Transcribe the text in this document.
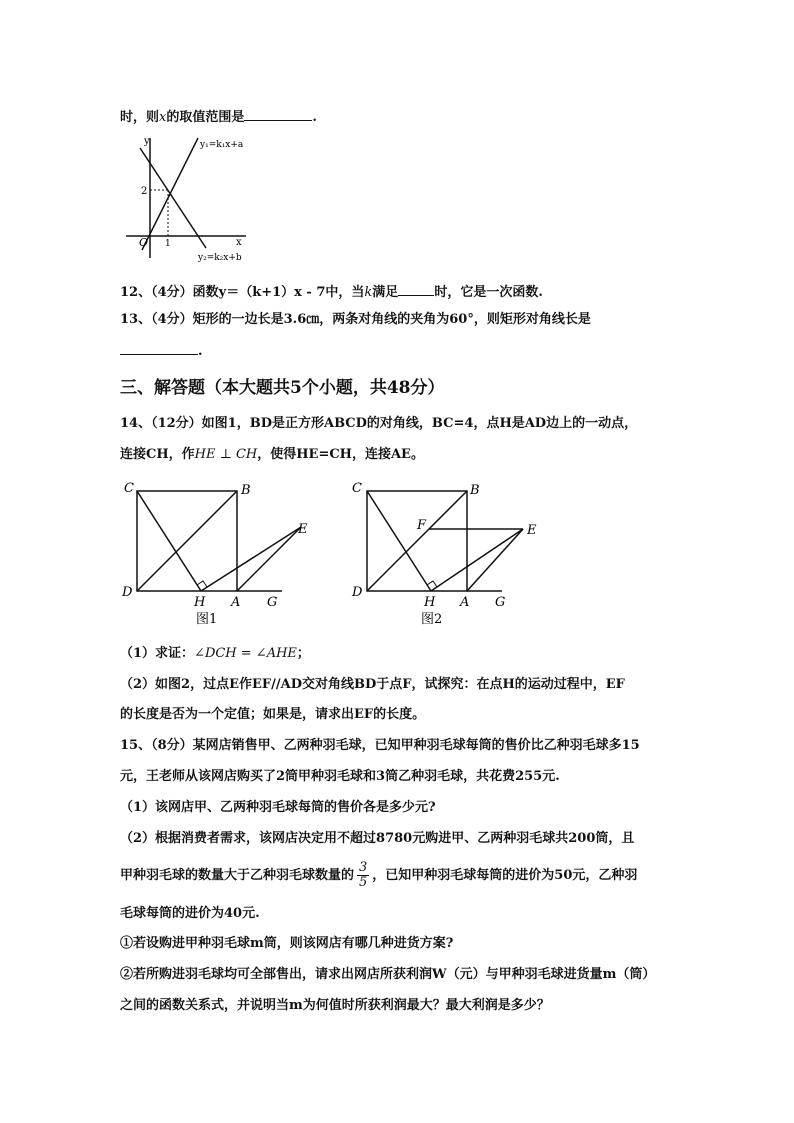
时，则x的取值范围是	.
y
x
O 1
2
y₁=k₁x+a
y₂=k₂x+b
12、（4分）函数y＝（k+1）x - 7中，当k满足	时，它是一次函数.
13、（4分）矩形的一边长是3.6㎝，两条对角线的夹角为60°，则矩形对角线长是
.
三、解答题（本大题共5个小题，共48分）
14、（12分）如图1，BD是正方形ABCD的对角线，BC=4，点H是AD边上的一动点，
连接CH，作HE ⊥ CH，使得HE=CH，连接AE。
C	B
E
D
H A G
图1
C	B
F	E
D
H A G
图2
（1）求证：∠DCH = ∠AHE；
（2）如图2，过点E作EF//AD交对角线BD于点F，试探究：在点H的运动过程中，EF
的长度是否为一个定值；如果是，请求出EF的长度。
15、（8分）某网店销售甲、乙两种羽毛球，已知甲种羽毛球每筒的售价比乙种羽毛球多15
元，王老师从该网店购买了2筒甲种羽毛球和3筒乙种羽毛球，共花费255元.
（1）该网店甲、乙两种羽毛球每筒的售价各是多少元?
（2）根据消费者需求，该网店决定用不超过8780元购进甲、乙两种羽毛球共200筒，且
甲种羽毛球的数量大于乙种羽毛球数量的 $\frac{3}{5}$ ，已知甲种羽毛球每筒的进价为50元，乙种羽
毛球每筒的进价为40元.
①若设购进甲种羽毛球m筒，则该网店有哪几种进货方案?
②若所购进羽毛球均可全部售出，请求出网店所获利润W（元）与甲种羽毛球进货量m（筒）
之间的函数关系式，并说明当m为何值时所获利润最大？最大利润是多少？
